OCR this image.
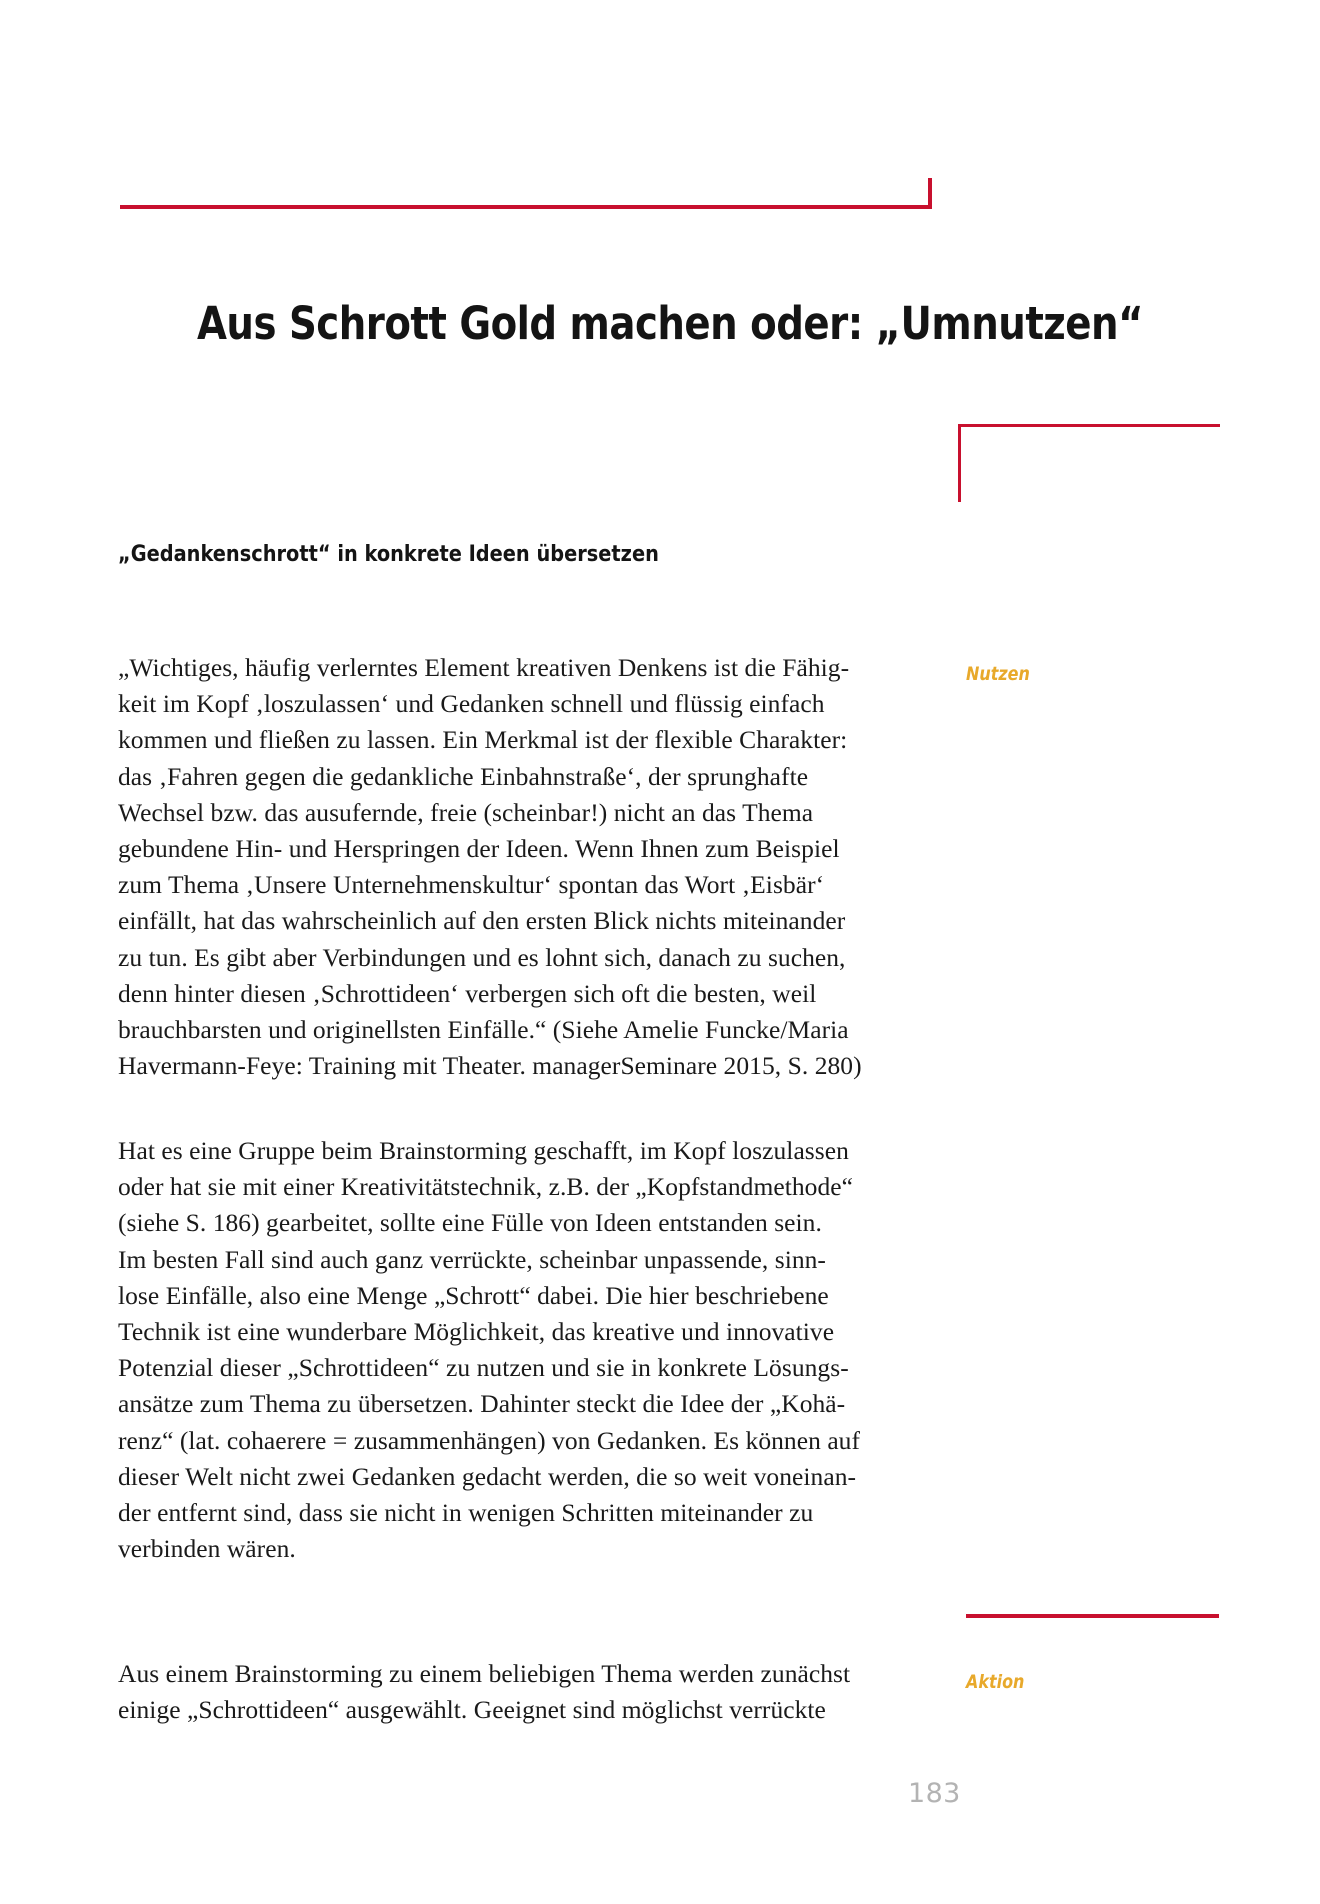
Aus Schrott Gold machen oder: „Umnutzen“
„Gedankenschrott“ in konkrete Ideen übersetzen
Nutzen
„Wichtiges, häufig verlerntes Element kreativen Denkens ist die Fähig-
keit im Kopf ‚loszulassen‘ und Gedanken schnell und flüssig einfach
kommen und fließen zu lassen. Ein Merkmal ist der flexible Charakter:
das ‚Fahren gegen die gedankliche Einbahnstraße‘, der sprunghafte
Wechsel bzw. das ausufernde, freie (scheinbar!) nicht an das Thema
gebundene Hin- und Herspringen der Ideen. Wenn Ihnen zum Beispiel
zum Thema ‚Unsere Unternehmenskultur‘ spontan das Wort ‚Eisbär‘
einfällt, hat das wahrscheinlich auf den ersten Blick nichts miteinander
zu tun. Es gibt aber Verbindungen und es lohnt sich, danach zu suchen,
denn hinter diesen ‚Schrottideen‘ verbergen sich oft die besten, weil
brauchbarsten und originellsten Einfälle.“ (Siehe Amelie Funcke/Maria
Havermann-Feye: Training mit Theater. managerSeminare 2015, S. 280)
Hat es eine Gruppe beim Brainstorming geschafft, im Kopf loszulassen
oder hat sie mit einer Kreativitätstechnik, z.B. der „Kopfstandmethode“
(siehe S. 186) gearbeitet, sollte eine Fülle von Ideen entstanden sein.
Im besten Fall sind auch ganz verrückte, scheinbar unpassende, sinn-
lose Einfälle, also eine Menge „Schrott“ dabei. Die hier beschriebene
Technik ist eine wunderbare Möglichkeit, das kreative und innovative
Potenzial dieser „Schrottideen“ zu nutzen und sie in konkrete Lösungs-
ansätze zum Thema zu übersetzen. Dahinter steckt die Idee der „Kohä-
renz“ (lat. cohaerere = zusammenhängen) von Gedanken. Es können auf
dieser Welt nicht zwei Gedanken gedacht werden, die so weit voneinan-
der entfernt sind, dass sie nicht in wenigen Schritten miteinander zu
verbinden wären.
Aktion
Aus einem Brainstorming zu einem beliebigen Thema werden zunächst
einige „Schrottideen“ ausgewählt. Geeignet sind möglichst verrückte
183
